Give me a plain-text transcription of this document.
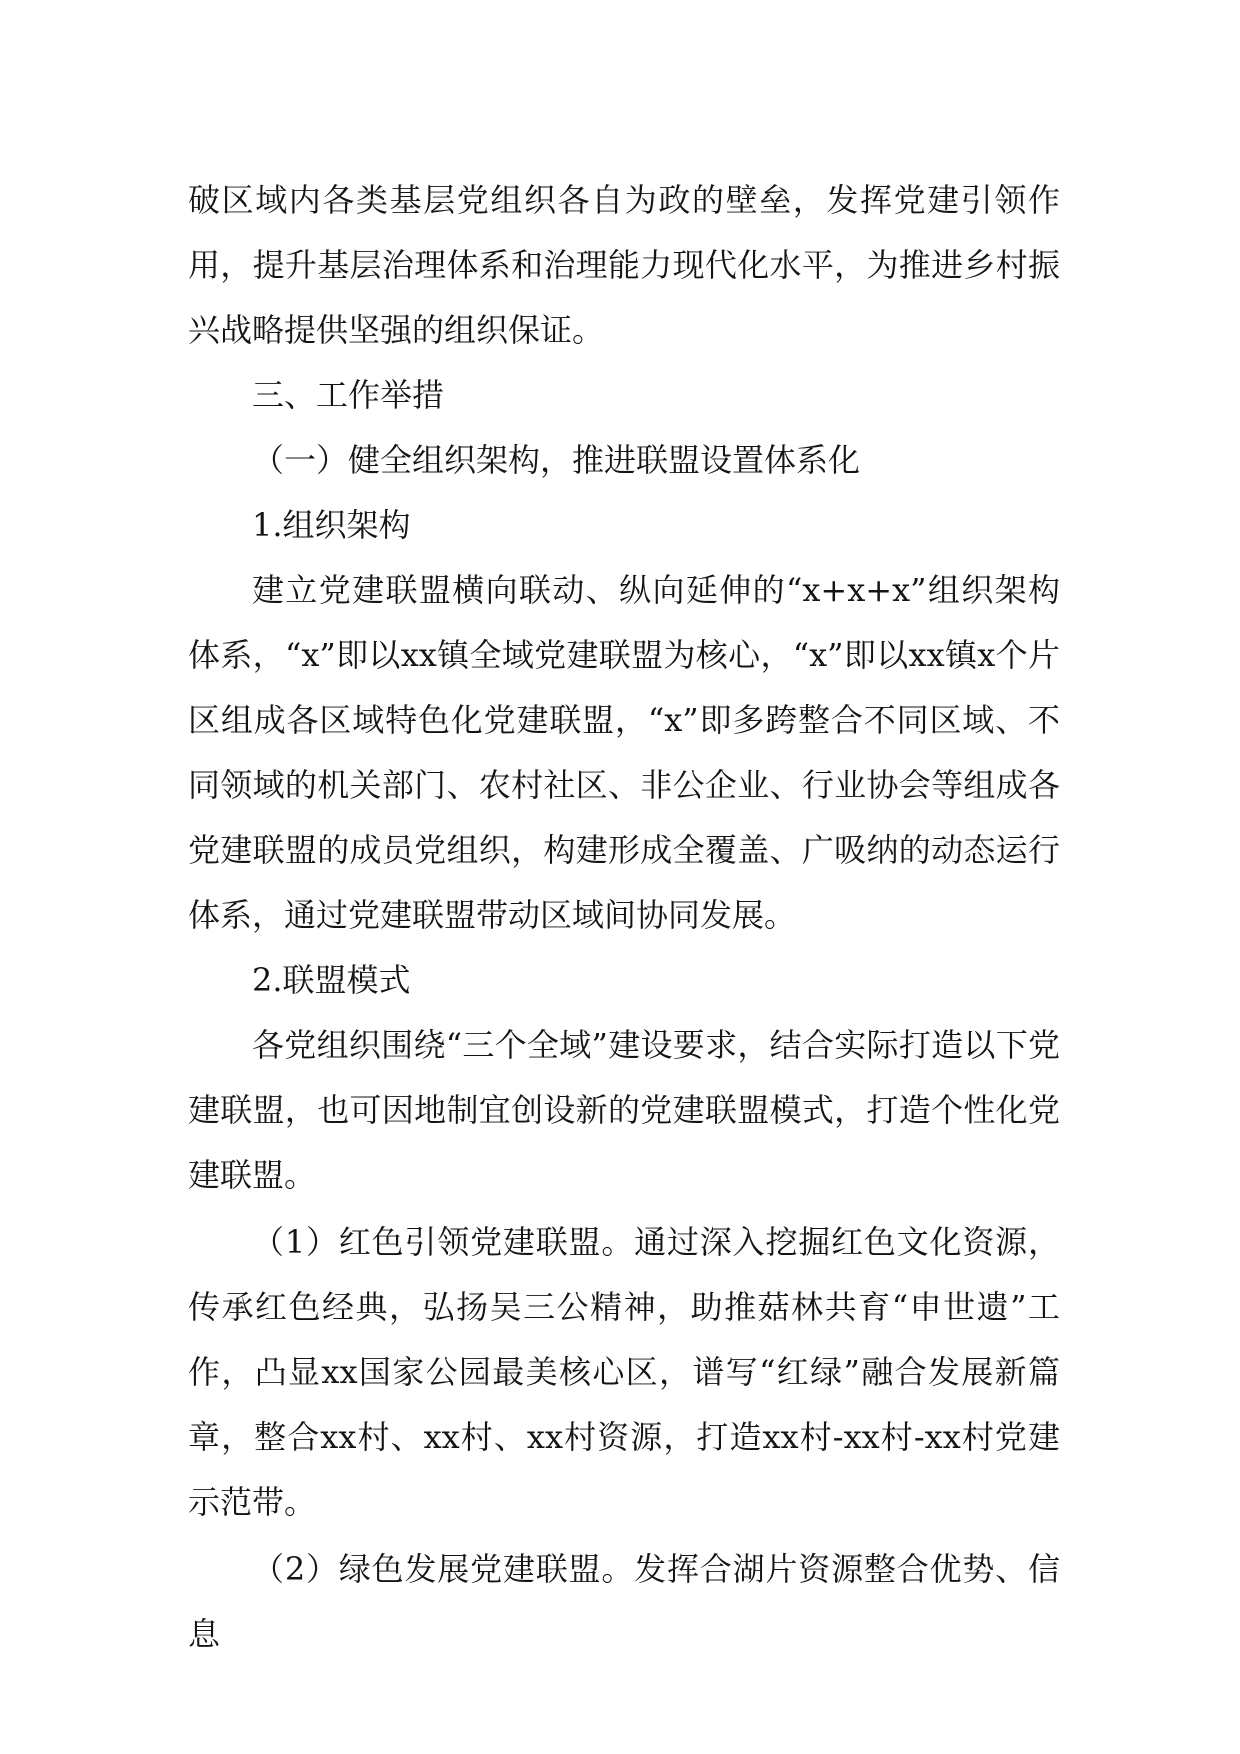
破区域内各类基层党组织各自为政的壁垒，发挥党建引领作用，提升基层治理体系和治理能力现代化水平，为推进乡村振兴战略提供坚强的组织保证。

三、工作举措

（一）健全组织架构，推进联盟设置体系化

1.组织架构

建立党建联盟横向联动、纵向延伸的“x+x+x”组织架构体系，“x”即以xx镇全域党建联盟为核心，“x”即以xx镇x个片区组成各区域特色化党建联盟，“x”即多跨整合不同区域、不同领域的机关部门、农村社区、非公企业、行业协会等组成各党建联盟的成员党组织，构建形成全覆盖、广吸纳的动态运行体系，通过党建联盟带动区域间协同发展。

2.联盟模式

各党组织围绕“三个全域”建设要求，结合实际打造以下党建联盟，也可因地制宜创设新的党建联盟模式，打造个性化党建联盟。

（1）红色引领党建联盟。通过深入挖掘红色文化资源，传承红色经典，弘扬吴三公精神，助推菇林共育“申世遗”工作，凸显xx国家公园最美核心区，谱写“红绿”融合发展新篇章，整合xx村、xx村、xx村资源，打造xx村-xx村-xx村党建示范带。

（2）绿色发展党建联盟。发挥合湖片资源整合优势、信息
